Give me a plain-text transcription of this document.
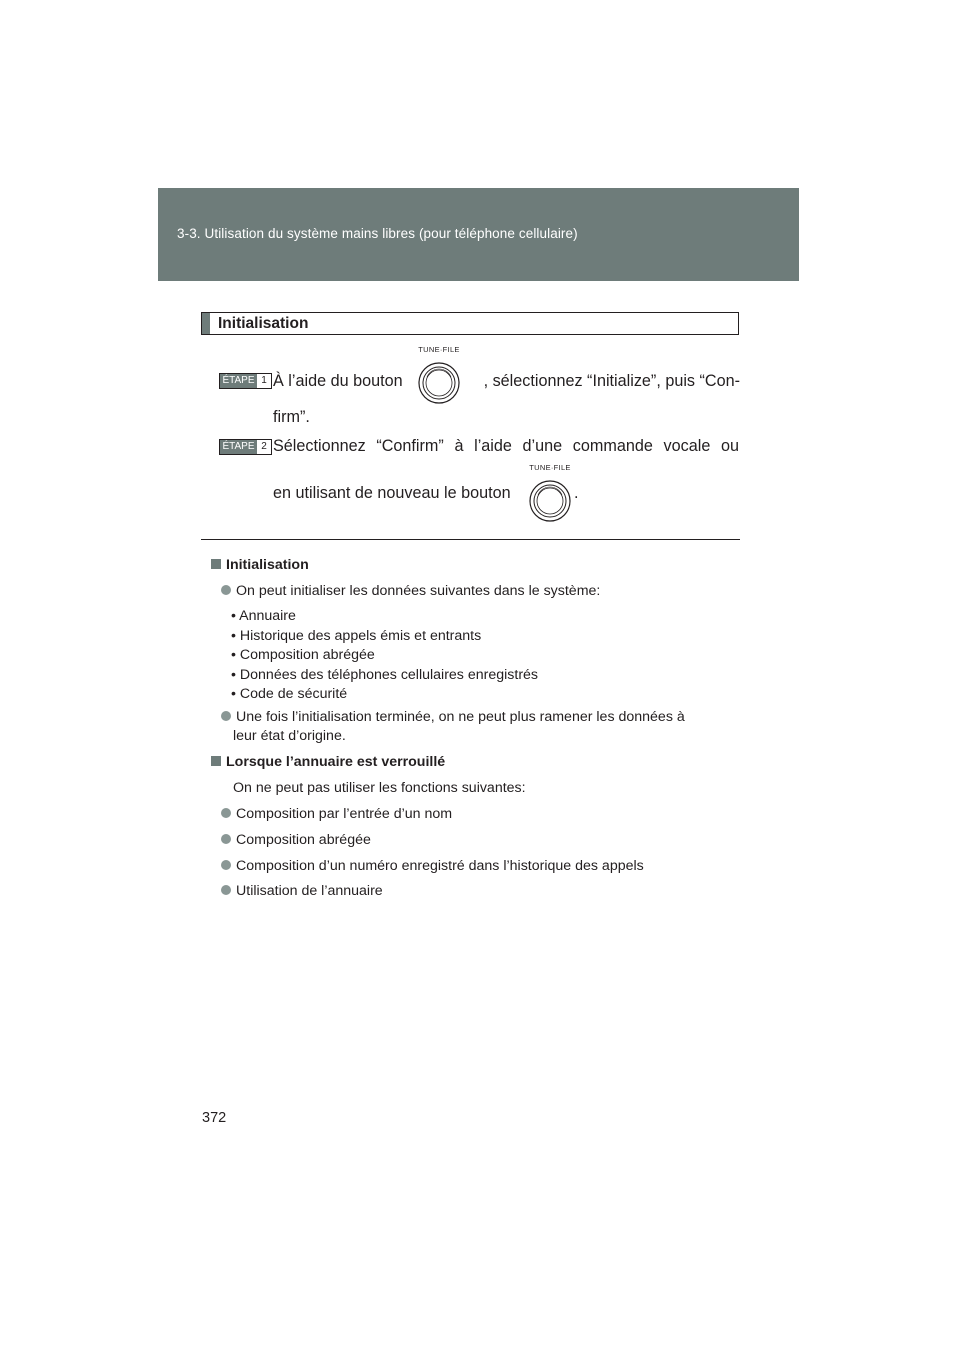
3-3. Utilisation du système mains libres (pour téléphone cellulaire)
Initialisation
ÉTAPE 1 À l’aide du bouton
TUNE·FILE
, sélectionnez “Initialize”, puis “Con-
firm”.
ÉTAPE 2 Sélectionnez “Confirm” à l’aide d’une commande vocale ou
en utilisant de nouveau le bouton
TUNE·FILE
.
Initialisation
On peut initialiser les données suivantes dans le système:
• Annuaire
• Historique des appels émis et entrants
• Composition abrégée
• Données des téléphones cellulaires enregistrés
• Code de sécurité
Une fois l’initialisation terminée, on ne peut plus ramener les données à
leur état d’origine.
Lorsque l’annuaire est verrouillé
On ne peut pas utiliser les fonctions suivantes:
Composition par l’entrée d’un nom
Composition abrégée
Composition d’un numéro enregistré dans l’historique des appels
Utilisation de l’annuaire
372
